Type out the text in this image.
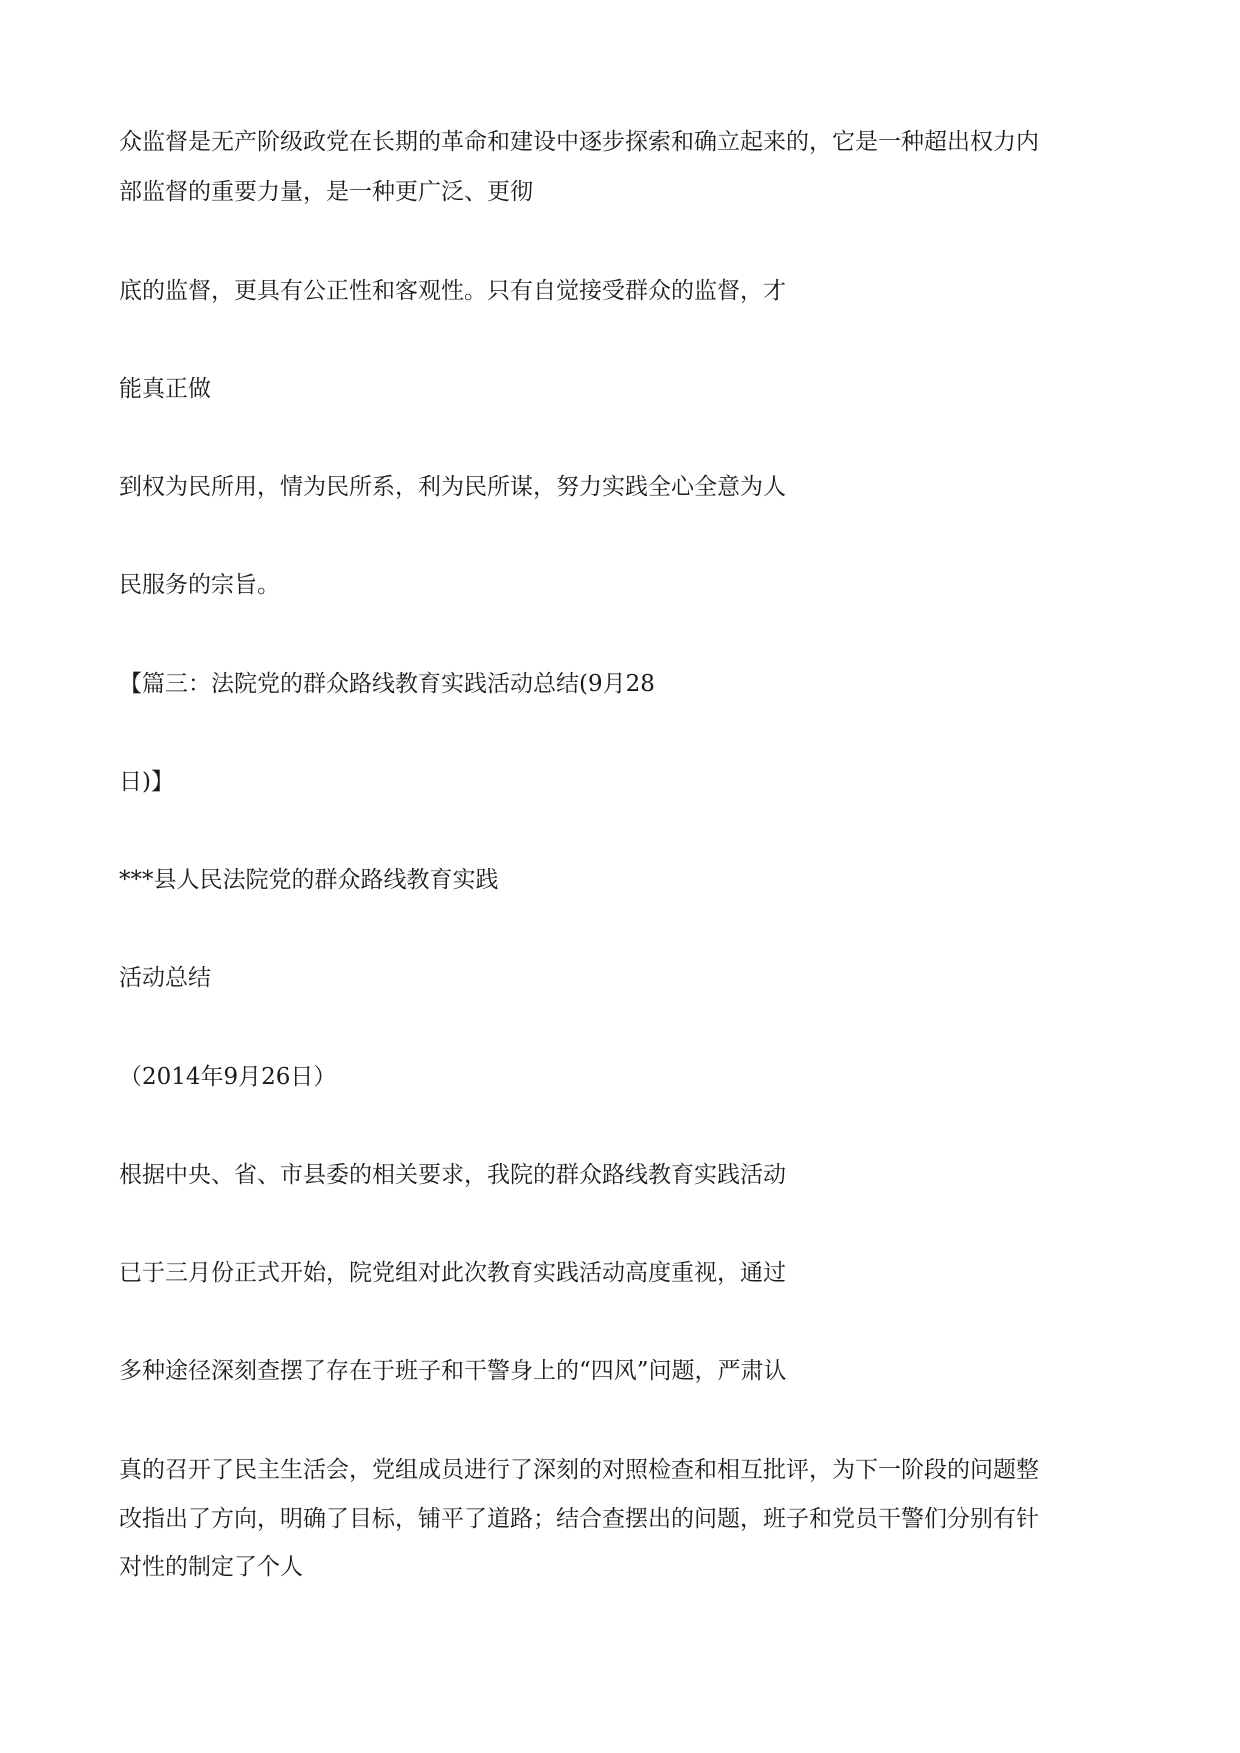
众监督是无产阶级政党在长期的革命和建设中逐步探索和确立起来的，它是一种超出权力内

部监督的重要力量，是一种更广泛、更彻

底的监督，更具有公正性和客观性。只有自觉接受群众的监督，才

能真正做

到权为民所用，情为民所系，利为民所谋，努力实践全心全意为人

民服务的宗旨。

【篇三：法院党的群众路线教育实践活动总结(9月28

日)】

***县人民法院党的群众路线教育实践

活动总结

（2014年9月26日）

根据中央、省、市县委的相关要求，我院的群众路线教育实践活动

已于三月份正式开始，院党组对此次教育实践活动高度重视，通过

多种途径深刻查摆了存在于班子和干警身上的“四风”问题，严肃认

真的召开了民主生活会，党组成员进行了深刻的对照检查和相互批评，为下一阶段的问题整

改指出了方向，明确了目标，铺平了道路；结合查摆出的问题，班子和党员干警们分别有针

对性的制定了个人
